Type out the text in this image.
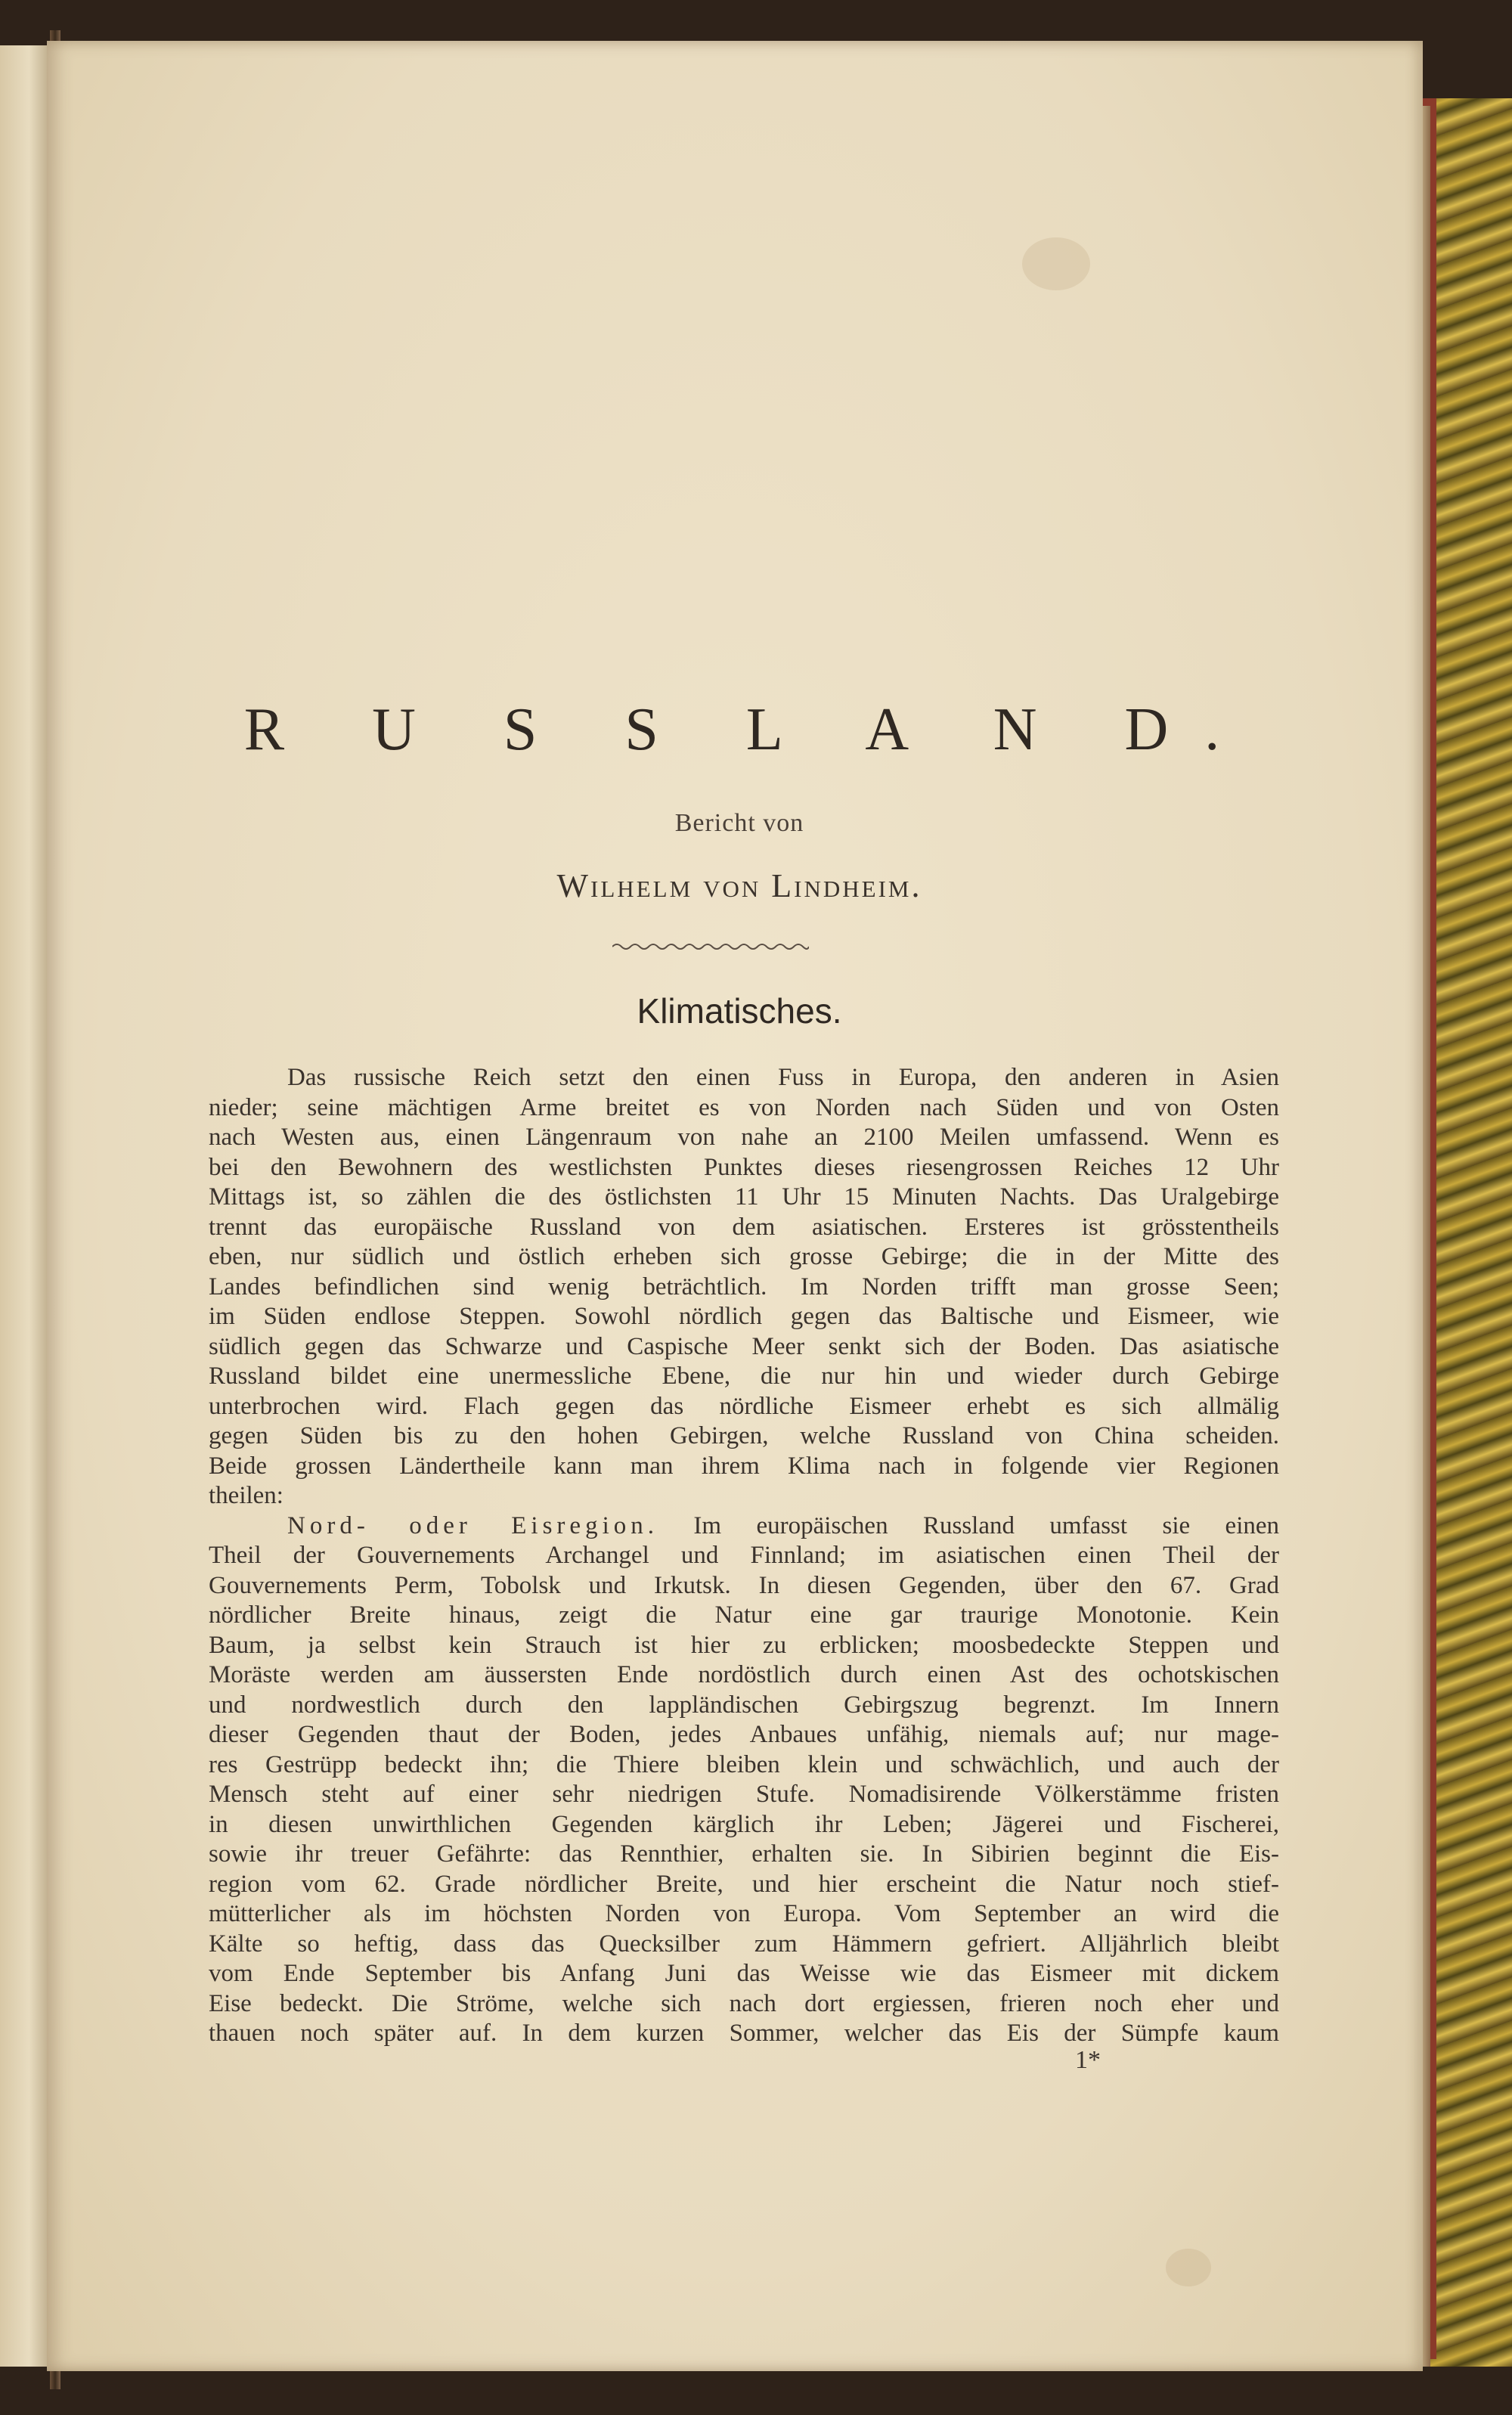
R U S S L A N D.
Bericht von
Wilhelm von Lindheim.
Klimatisches.
Das russische Reich setzt den einen Fuss in Europa, den anderen in Asien
nieder; seine mächtigen Arme breitet es von Norden nach Süden und von Osten
nach Westen aus, einen Längenraum von nahe an 2100 Meilen umfassend. Wenn es
bei den Bewohnern des westlichsten Punktes dieses riesengrossen Reiches 12 Uhr
Mittags ist, so zählen die des östlichsten 11 Uhr 15 Minuten Nachts. Das Uralgebirge
trennt das europäische Russland von dem asiatischen. Ersteres ist grösstentheils
eben, nur südlich und östlich erheben sich grosse Gebirge; die in der Mitte des
Landes befindlichen sind wenig beträchtlich. Im Norden trifft man grosse Seen;
im Süden endlose Steppen. Sowohl nördlich gegen das Baltische und Eismeer, wie
südlich gegen das Schwarze und Caspische Meer senkt sich der Boden. Das asiatische
Russland bildet eine unermessliche Ebene, die nur hin und wieder durch Gebirge
unterbrochen wird. Flach gegen das nördliche Eismeer erhebt es sich allmälig
gegen Süden bis zu den hohen Gebirgen, welche Russland von China scheiden.
Beide grossen Ländertheile kann man ihrem Klima nach in folgende vier Regionen
theilen:
Nord- oder Eisregion. Im europäischen Russland umfasst sie einen
Theil der Gouvernements Archangel und Finnland; im asiatischen einen Theil der
Gouvernements Perm, Tobolsk und Irkutsk. In diesen Gegenden, über den 67. Grad
nördlicher Breite hinaus, zeigt die Natur eine gar traurige Monotonie. Kein
Baum, ja selbst kein Strauch ist hier zu erblicken; moosbedeckte Steppen und
Moräste werden am äussersten Ende nordöstlich durch einen Ast des ochotskischen
und nordwestlich durch den lappländischen Gebirgszug begrenzt. Im Innern
dieser Gegenden thaut der Boden, jedes Anbaues unfähig, niemals auf; nur mage-
res Gestrüpp bedeckt ihn; die Thiere bleiben klein und schwächlich, und auch der
Mensch steht auf einer sehr niedrigen Stufe. Nomadisirende Völkerstämme fristen
in diesen unwirthlichen Gegenden kärglich ihr Leben; Jägerei und Fischerei,
sowie ihr treuer Gefährte: das Rennthier, erhalten sie. In Sibirien beginnt die Eis-
region vom 62. Grade nördlicher Breite, und hier erscheint die Natur noch stief-
mütterlicher als im höchsten Norden von Europa. Vom September an wird die
Kälte so heftig, dass das Quecksilber zum Hämmern gefriert. Alljährlich bleibt
vom Ende September bis Anfang Juni das Weisse wie das Eismeer mit dickem
Eise bedeckt. Die Ströme, welche sich nach dort ergiessen, frieren noch eher und
thauen noch später auf. In dem kurzen Sommer, welcher das Eis der Sümpfe kaum
1*
